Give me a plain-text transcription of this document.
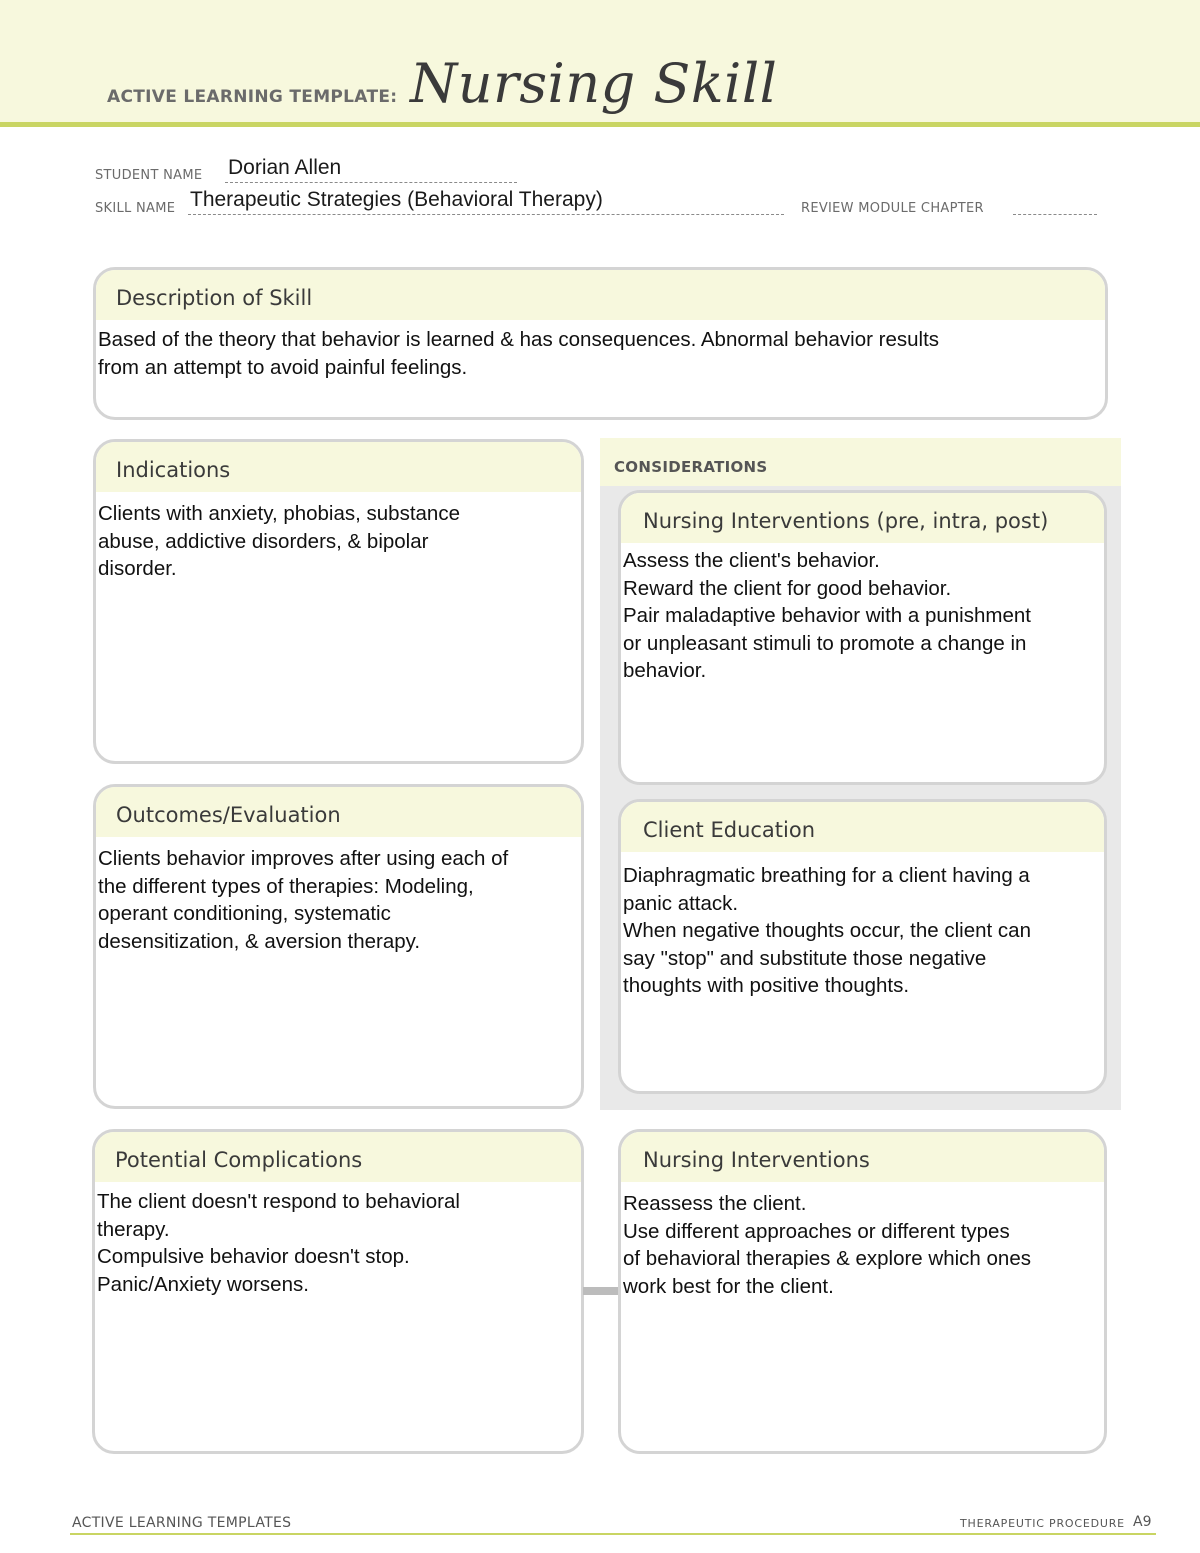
ACTIVE LEARNING TEMPLATE: Nursing Skill
STUDENT NAME Dorian Allen
SKILL NAME Therapeutic Strategies (Behavioral Therapy)	REVIEW MODULE CHAPTER
Description of Skill
Based of the theory that behavior is learned & has consequences. Abnormal behavior results
from an attempt to avoid painful feelings.
CONSIDERATIONS
Indications
Clients with anxiety, phobias, substance
abuse, addictive disorders, & bipolar
disorder.
Nursing Interventions (pre, intra, post)
Assess the client's behavior.
Reward the client for good behavior.
Pair maladaptive behavior with a punishment
or unpleasant stimuli to promote a change in
behavior.
Outcomes/Evaluation
Clients behavior improves after using each of
the different types of therapies: Modeling,
operant conditioning, systematic
desensitization, & aversion therapy.
Client Education
Diaphragmatic breathing for a client having a
panic attack.
When negative thoughts occur, the client can
say "stop" and substitute those negative
thoughts with positive thoughts.
Potential Complications
The client doesn't respond to behavioral
therapy.
Compulsive behavior doesn't stop.
Panic/Anxiety worsens.
Nursing Interventions
Reassess the client.
Use different approaches or different types
of behavioral therapies & explore which ones
work best for the client.
ACTIVE LEARNING TEMPLATES	THERAPEUTIC PROCEDURE A9
